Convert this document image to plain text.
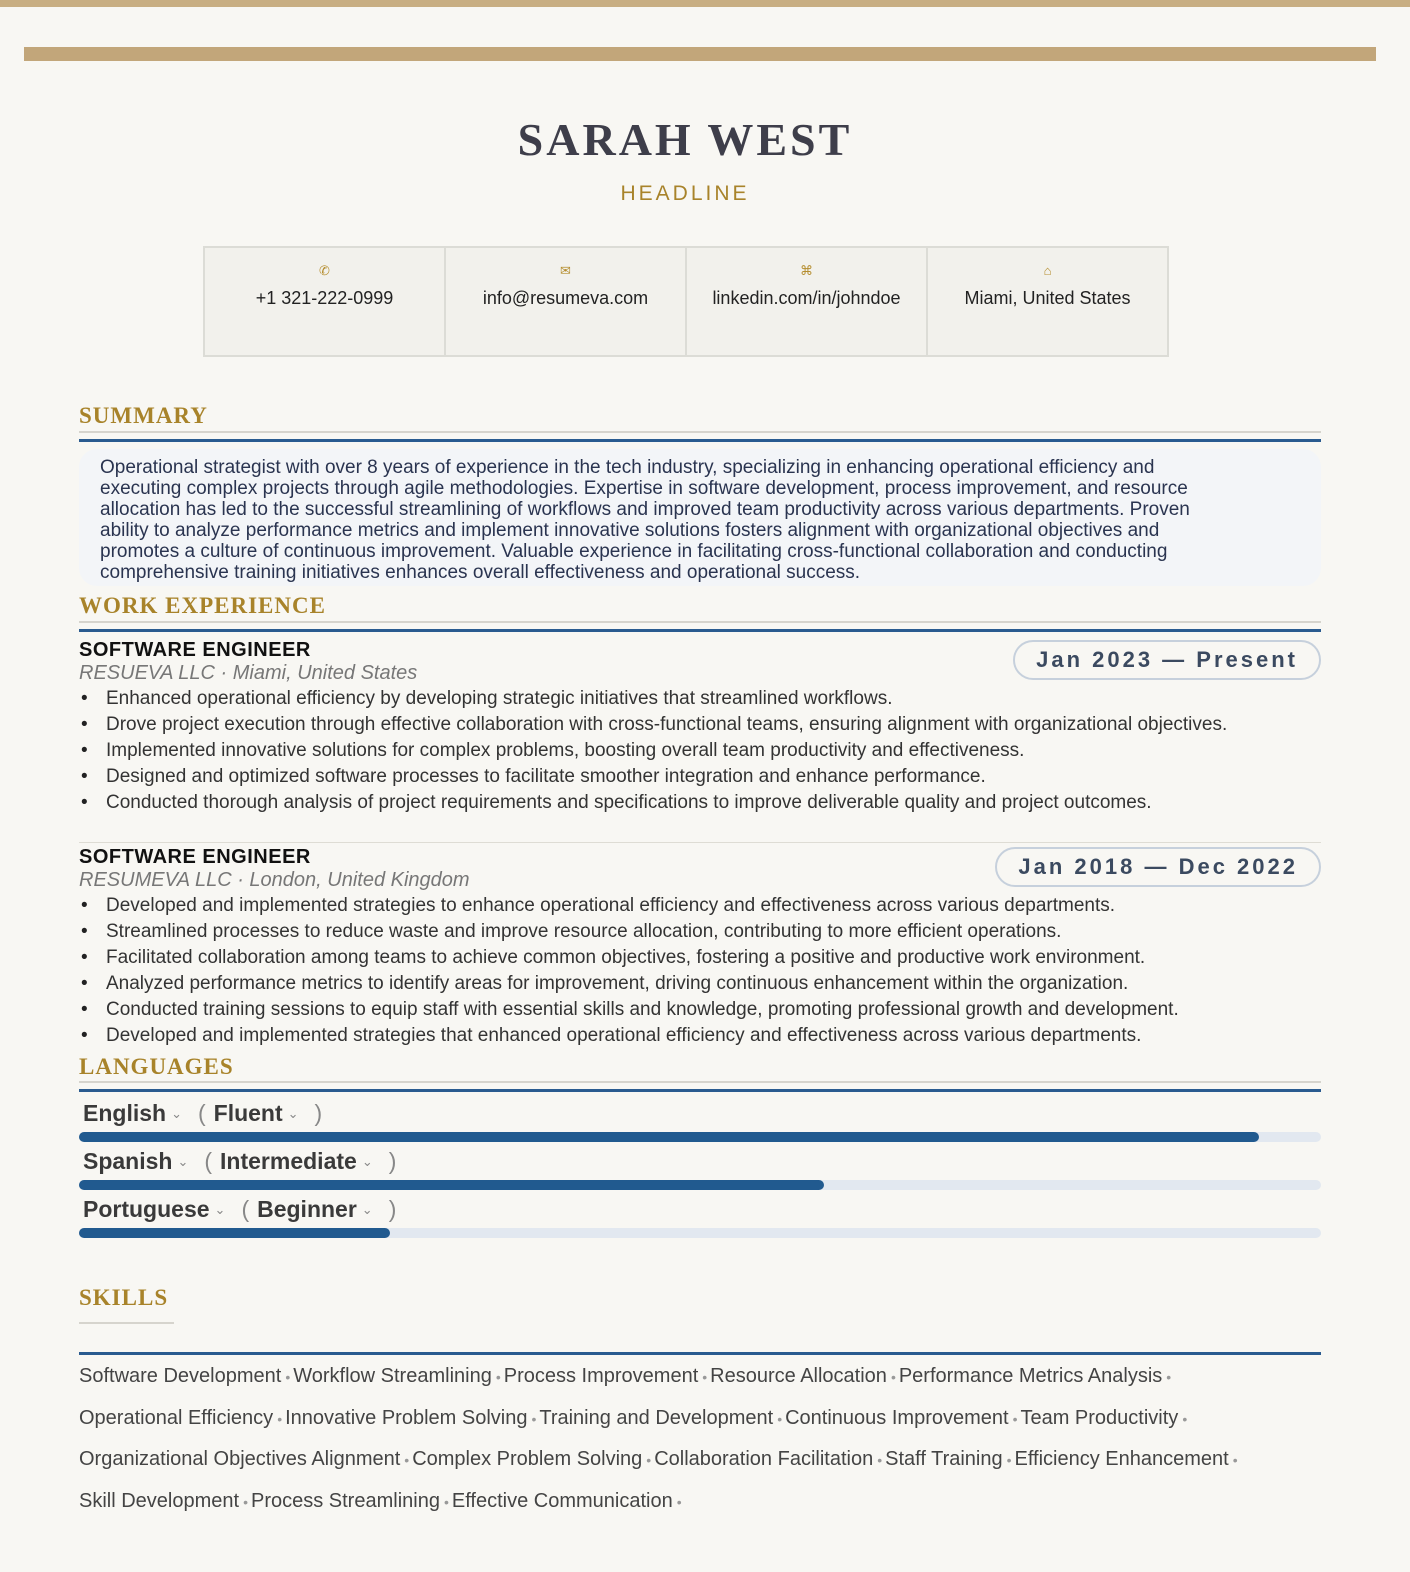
SARAH WEST
HEADLINE
✆
+1 321-222-0999
✉
info@resumeva.com
⌘
linkedin.com/in/johndoe
⌂
Miami, United States
SUMMARY
Operational strategist with over 8 years of experience in the tech industry, specializing in enhancing operational efficiency and
executing complex projects through agile methodologies. Expertise in software development, process improvement, and resource
allocation has led to the successful streamlining of workflows and improved team productivity across various departments. Proven
ability to analyze performance metrics and implement innovative solutions fosters alignment with organizational objectives and
promotes a culture of continuous improvement. Valuable experience in facilitating cross-functional collaboration and conducting
comprehensive training initiatives enhances overall effectiveness and operational success.
WORK EXPERIENCE
SOFTWARE ENGINEER
RESUEVA LLC · Miami, United States
Jan 2023 — Present
• Enhanced operational efficiency by developing strategic initiatives that streamlined workflows.
• Drove project execution through effective collaboration with cross-functional teams, ensuring alignment with organizational objectives.
• Implemented innovative solutions for complex problems, boosting overall team productivity and effectiveness.
• Designed and optimized software processes to facilitate smoother integration and enhance performance.
• Conducted thorough analysis of project requirements and specifications to improve deliverable quality and project outcomes.
SOFTWARE ENGINEER
RESUMEVA LLC · London, United Kingdom
Jan 2018 — Dec 2022
• Developed and implemented strategies to enhance operational efficiency and effectiveness across various departments.
• Streamlined processes to reduce waste and improve resource allocation, contributing to more efficient operations.
• Facilitated collaboration among teams to achieve common objectives, fostering a positive and productive work environment.
• Analyzed performance metrics to identify areas for improvement, driving continuous enhancement within the organization.
• Conducted training sessions to equip staff with essential skills and knowledge, promoting professional growth and development.
• Developed and implemented strategies that enhanced operational efficiency and effectiveness across various departments.
LANGUAGES
English ⌄ ( Fluent ⌄ )
Spanish ⌄ ( Intermediate ⌄ )
Portuguese ⌄ ( Beginner ⌄ )
SKILLS
Software Development • Workflow Streamlining • Process Improvement • Resource Allocation • Performance Metrics Analysis •
Operational Efficiency • Innovative Problem Solving • Training and Development • Continuous Improvement • Team Productivity •
Organizational Objectives Alignment • Complex Problem Solving • Collaboration Facilitation • Staff Training • Efficiency Enhancement •
Skill Development • Process Streamlining • Effective Communication •
